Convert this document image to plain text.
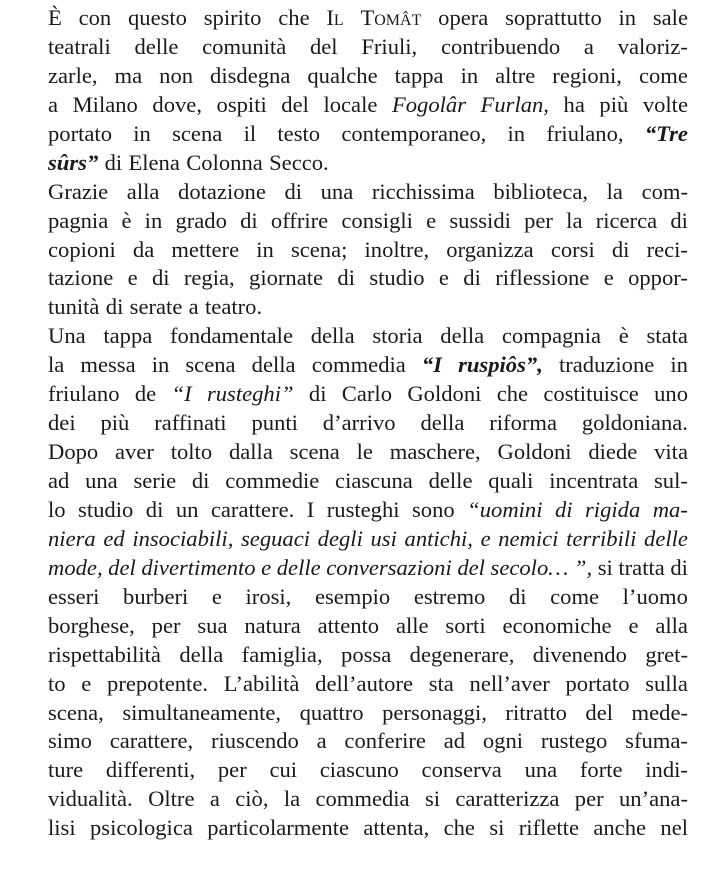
È con questo spirito che Il Tomât opera soprattutto in sale
teatrali delle comunità del Friuli, contribuendo a valoriz-
zarle, ma non disdegna qualche tappa in altre regioni, come
a Milano dove, ospiti del locale Fogolâr Furlan, ha più volte
portato in scena il testo contemporaneo, in friulano, “Tre
sûrs” di Elena Colonna Secco.
Grazie alla dotazione di una ricchissima biblioteca, la com-
pagnia è in grado di offrire consigli e sussidi per la ricerca di
copioni da mettere in scena; inoltre, organizza corsi di reci-
tazione e di regia, giornate di studio e di riflessione e oppor-
tunità di serate a teatro.
Una tappa fondamentale della storia della compagnia è stata
la messa in scena della commedia “I ruspiôs”, traduzione in
friulano de “I rusteghi” di Carlo Goldoni che costituisce uno
dei più raffinati punti d’arrivo della riforma goldoniana.
Dopo aver tolto dalla scena le maschere, Goldoni diede vita
ad una serie di commedie ciascuna delle quali incentrata sul-
lo studio di un carattere. I rusteghi sono “uomini di rigida ma-
niera ed insociabili, seguaci degli usi antichi, e nemici terribili delle
mode, del divertimento e delle conversazioni del secolo… ”, si tratta di
esseri burberi e irosi, esempio estremo di come l’uomo
borghese, per sua natura attento alle sorti economiche e alla
rispettabilità della famiglia, possa degenerare, divenendo gret-
to e prepotente. L’abilità dell’autore sta nell’aver portato sulla
scena, simultaneamente, quattro personaggi, ritratto del mede-
simo carattere, riuscendo a conferire ad ogni rustego sfuma-
ture differenti, per cui ciascuno conserva una forte indi-
vidualità. Oltre a ciò, la commedia si caratterizza per un’ana-
lisi psicologica particolarmente attenta, che si riflette anche nel
